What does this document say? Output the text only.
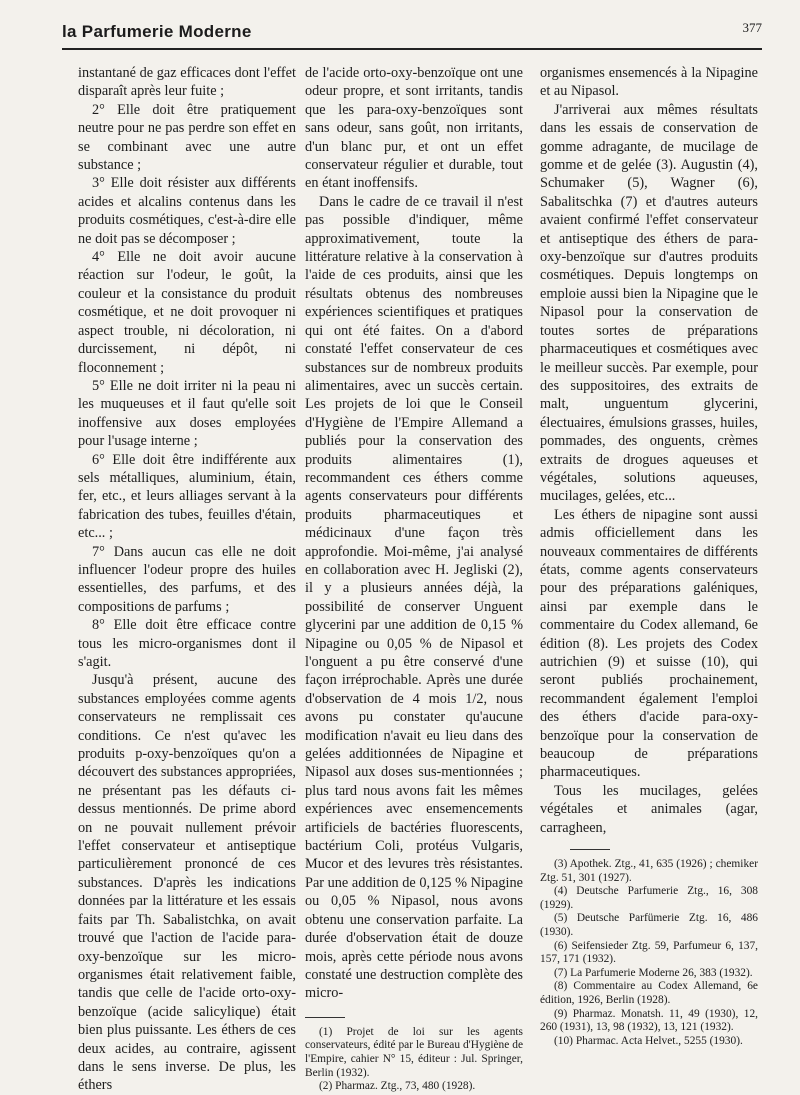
la Parfumerie Moderne	377

instantané de gaz efficaces dont l'effet disparaît après leur fuite ;

2° Elle doit être pratiquement neutre pour ne pas perdre son effet en se combinant avec une autre substance ;

3° Elle doit résister aux différents acides et alcalins contenus dans les produits cosmétiques, c'est-à-dire elle ne doit pas se décomposer ;

4° Elle ne doit avoir aucune réaction sur l'odeur, le goût, la couleur et la consistance du produit cosmétique, et ne doit provoquer ni aspect trouble, ni décoloration, ni durcissement, ni dépôt, ni floconnement ;

5° Elle ne doit irriter ni la peau ni les muqueuses et il faut qu'elle soit inoffensive aux doses employées pour l'usage interne ;

6° Elle doit être indifférente aux sels métalliques, aluminium, étain, fer, etc., et leurs alliages servant à la fabrication des tubes, feuilles d'étain, etc... ;

7° Dans aucun cas elle ne doit influencer l'odeur propre des huiles essentielles, des parfums, et des compositions de parfums ;

8° Elle doit être efficace contre tous les micro-organismes dont il s'agit.

Jusqu'à présent, aucune des substances employées comme agents conservateurs ne remplissait ces conditions. Ce n'est qu'avec les produits p-oxy-benzoïques qu'on a découvert des substances appropriées, ne présentant pas les défauts ci-dessus mentionnés. De prime abord on ne pouvait nullement prévoir l'effet conservateur et antiseptique particulièrement prononcé de ces substances. D'après les indications données par la littérature et les essais faits par Th. Sabalistchka, on avait trouvé que l'action de l'acide para-oxy-benzoïque sur les micro-organismes était relativement faible, tandis que celle de l'acide orto-oxy-benzoïque (acide salicylique) était bien plus puissante. Les éthers de ces deux acides, au contraire, agissent dans le sens inverse. De plus, les éthers

de l'acide orto-oxy-benzoïque ont une odeur propre, et sont irritants, tandis que les para-oxy-benzoïques sont sans odeur, sans goût, non irritants, d'un blanc pur, et ont un effet conservateur régulier et durable, tout en étant inoffensifs.

Dans le cadre de ce travail il n'est pas possible d'indiquer, même approximativement, toute la littérature relative à la conservation à l'aide de ces produits, ainsi que les résultats obtenus des nombreuses expériences scientifiques et pratiques qui ont été faites. On a d'abord constaté l'effet conservateur de ces substances sur de nombreux produits alimentaires, avec un succès certain. Les projets de loi que le Conseil d'Hygiène de l'Empire Allemand a publiés pour la conservation des produits alimentaires (1), recommandent ces éthers comme agents conservateurs pour différents produits pharmaceutiques et médicinaux d'une façon très approfondie. Moi-même, j'ai analysé en collaboration avec H. Jegliski (2), il y a plusieurs années déjà, la possibilité de conserver Unguent glycerini par une addition de 0,15 % Nipagine ou 0,05 % de Nipasol et l'onguent a pu être conservé d'une façon irréprochable. Après une durée d'observation de 4 mois 1/2, nous avons pu constater qu'aucune modification n'avait eu lieu dans des gelées additionnées de Nipagine et Nipasol aux doses sus-mentionnées ; plus tard nous avons fait les mêmes expériences avec ensemencements artificiels de bactéries fluorescents, bactérium Coli, protéus Vulgaris, Mucor et des levures très résistantes. Par une addition de 0,125 % Nipagine ou 0,05 % Nipasol, nous avons obtenu une conservation parfaite. La durée d'observation était de douze mois, après cette période nous avons constaté une destruction complète des micro-

(1) Projet de loi sur les agents conservateurs, édité par le Bureau d'Hygiène de l'Empire, cahier N° 15, éditeur : Jul. Springer, Berlin (1932).

(2) Pharmaz. Ztg., 73, 480 (1928).

organismes ensemencés à la Nipagine et au Nipasol.

J'arriverai aux mêmes résultats dans les essais de conservation de gomme adragante, de mucilage de gomme et de gelée (3). Augustin (4), Schumaker (5), Wagner (6), Sabalitschka (7) et d'autres auteurs avaient confirmé l'effet conservateur et antiseptique des éthers de para-oxy-benzoïque sur d'autres produits cosmétiques. Depuis longtemps on emploie aussi bien la Nipagine que le Nipasol pour la conservation de toutes sortes de préparations pharmaceutiques et cosmétiques avec le meilleur succès. Par exemple, pour des suppositoires, des extraits de malt, unguentum glycerini, électuaires, émulsions grasses, huiles, pommades, des onguents, crèmes extraits de drogues aqueuses et végétales, solutions aqueuses, mucilages, gelées, etc...

Les éthers de nipagine sont aussi admis officiellement dans les nouveaux commentaires de différents états, comme agents conservateurs pour des préparations galéniques, ainsi par exemple dans le commentaire du Codex allemand, 6e édition (8). Les projets des Codex autrichien (9) et suisse (10), qui seront publiés prochainement, recommandent également l'emploi des éthers d'acide para-oxy-benzoïque pour la conservation de beaucoup de préparations pharmaceutiques.

Tous les mucilages, gelées végétales et animales (agar, carragheen,

(3) Apothek. Ztg., 41, 635 (1926) ; chemiker Ztg. 51, 301 (1927).

(4) Deutsche Parfumerie Ztg., 16, 308 (1929).

(5) Deutsche Parfümerie Ztg. 16, 486 (1930).

(6) Seifensieder Ztg. 59, Parfumeur 6, 137, 157, 171 (1932).

(7) La Parfumerie Moderne 26, 383 (1932).

(8) Commentaire au Codex Allemand, 6e édition, 1926, Berlin (1928).

(9) Pharmaz. Monatsh. 11, 49 (1930), 12, 260 (1931), 13, 98 (1932), 13, 121 (1932).

(10) Pharmac. Acta Helvet., 5255 (1930).
